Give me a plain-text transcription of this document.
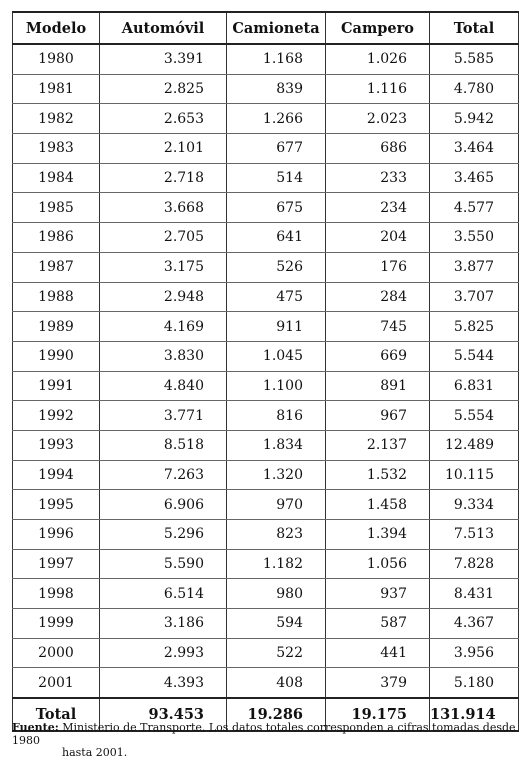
Modelo	Automóvil	Camioneta	Campero	Total
1980	3.391	1.168	1.026	5.585
1981	2.825	839	1.116	4.780
1982	2.653	1.266	2.023	5.942
1983	2.101	677	686	3.464
1984	2.718	514	233	3.465
1985	3.668	675	234	4.577
1986	2.705	641	204	3.550
1987	3.175	526	176	3.877
1988	2.948	475	284	3.707
1989	4.169	911	745	5.825
1990	3.830	1.045	669	5.544
1991	4.840	1.100	891	6.831
1992	3.771	816	967	5.554
1993	8.518	1.834	2.137	12.489
1994	7.263	1.320	1.532	10.115
1995	6.906	970	1.458	9.334
1996	5.296	823	1.394	7.513
1997	5.590	1.182	1.056	7.828
1998	6.514	980	937	8.431
1999	3.186	594	587	4.367
2000	2.993	522	441	3.956
2001	4.393	408	379	5.180
Total	93.453	19.286	19.175	131.914
Fuente: Ministerio de Transporte. Los datos totales corresponden a cifras tomadas desde 1980
hasta 2001.
